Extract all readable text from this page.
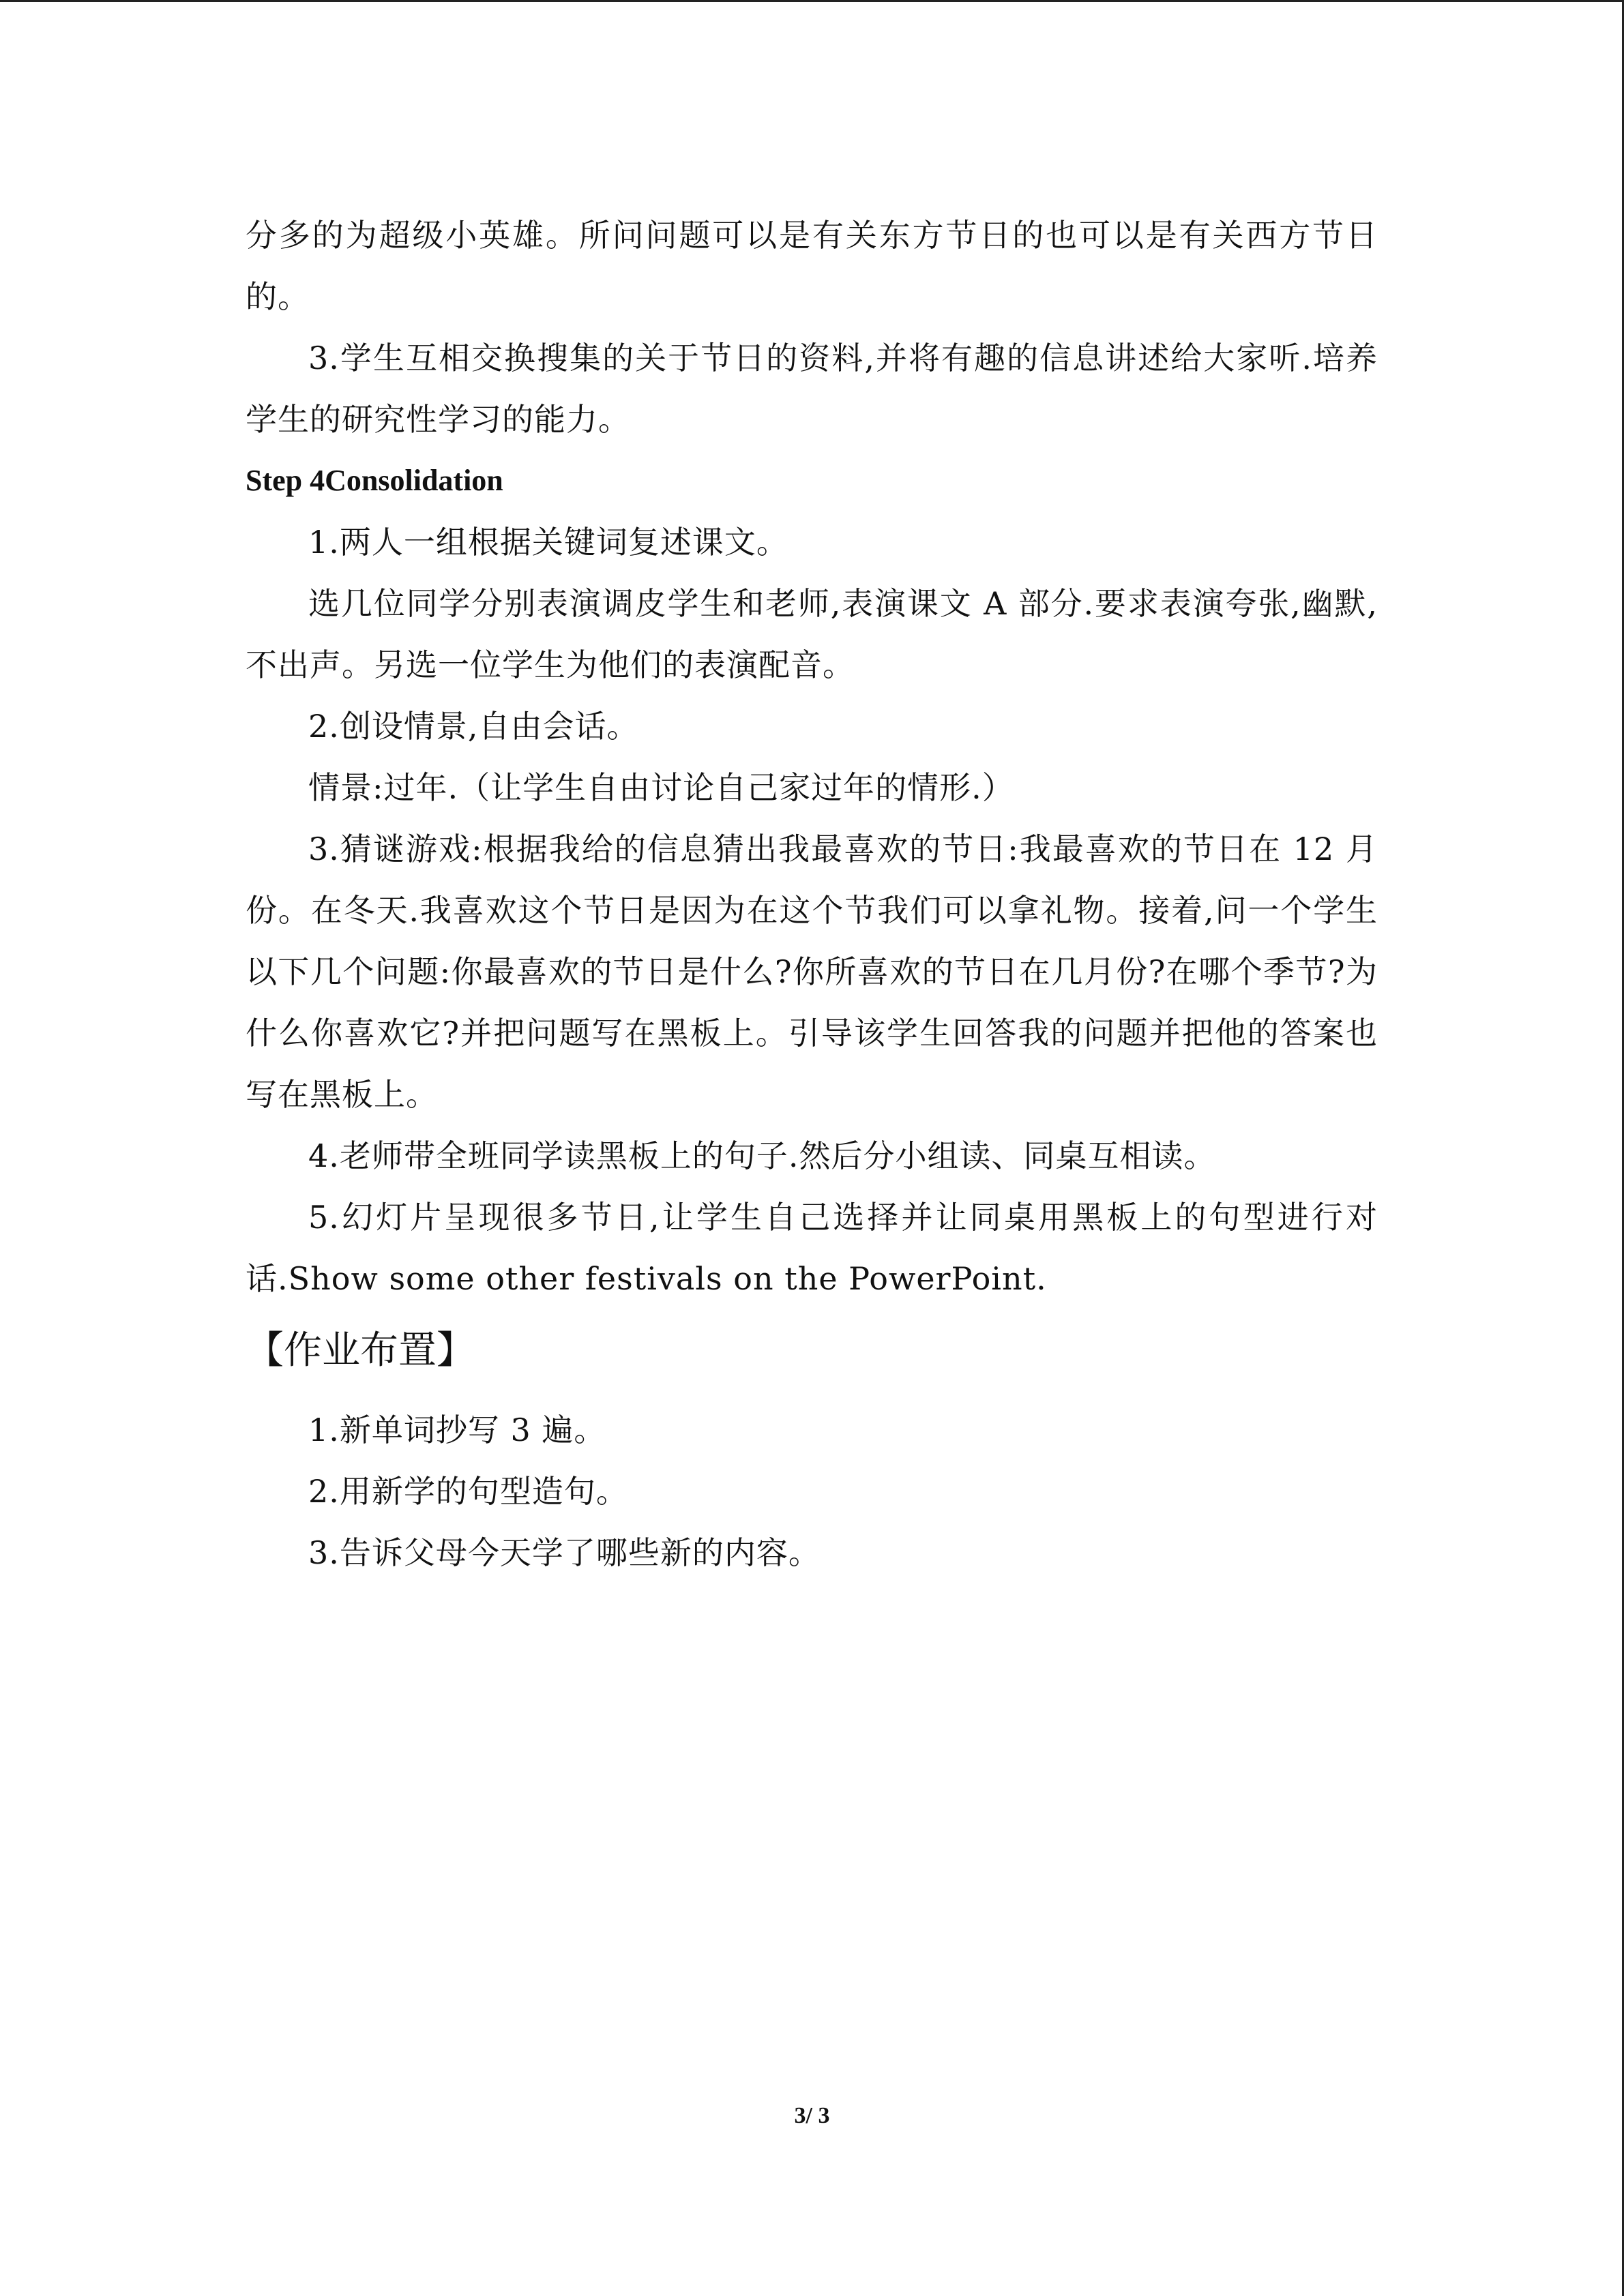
分多的为超级小英雄。所问问题可以是有关东方节日的也可以是有关西方节日的。

3.学生互相交换搜集的关于节日的资料,并将有趣的信息讲述给大家听.培养学生的研究性学习的能力。

Step 4Consolidation

1.两人一组根据关键词复述课文。

选几位同学分别表演调皮学生和老师,表演课文 A 部分.要求表演夸张,幽默,不出声。另选一位学生为他们的表演配音。

2.创设情景,自由会话。

情景:过年.（让学生自由讨论自己家过年的情形.）

3.猜谜游戏:根据我给的信息猜出我最喜欢的节日:我最喜欢的节日在 12 月份。在冬天.我喜欢这个节日是因为在这个节我们可以拿礼物。接着,问一个学生以下几个问题:你最喜欢的节日是什么?你所喜欢的节日在几月份?在哪个季节?为什么你喜欢它?并把问题写在黑板上。引导该学生回答我的问题并把他的答案也写在黑板上。

4.老师带全班同学读黑板上的句子.然后分小组读、同桌互相读。

5.幻灯片呈现很多节日,让学生自己选择并让同桌用黑板上的句型进行对话.Show some other festivals on the PowerPoint.

【作业布置】

1.新单词抄写 3 遍。

2.用新学的句型造句。

3.告诉父母今天学了哪些新的内容。

3/ 3
